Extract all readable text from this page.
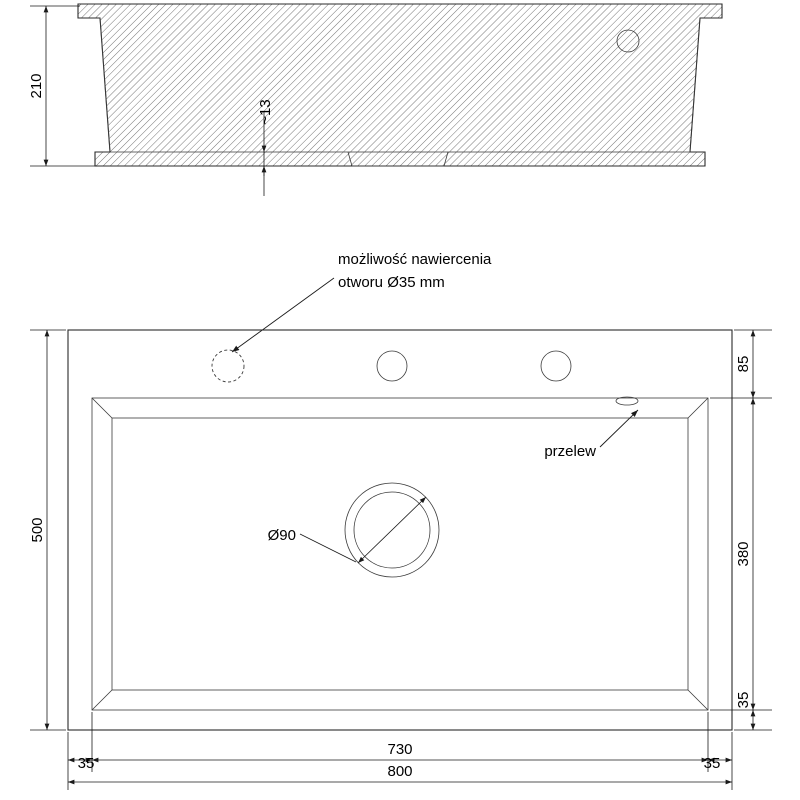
210
~13
możliwość nawiercenia
otworu Ø35 mm
Ø90
przelew
500
85
380
35
35
730
35
800
